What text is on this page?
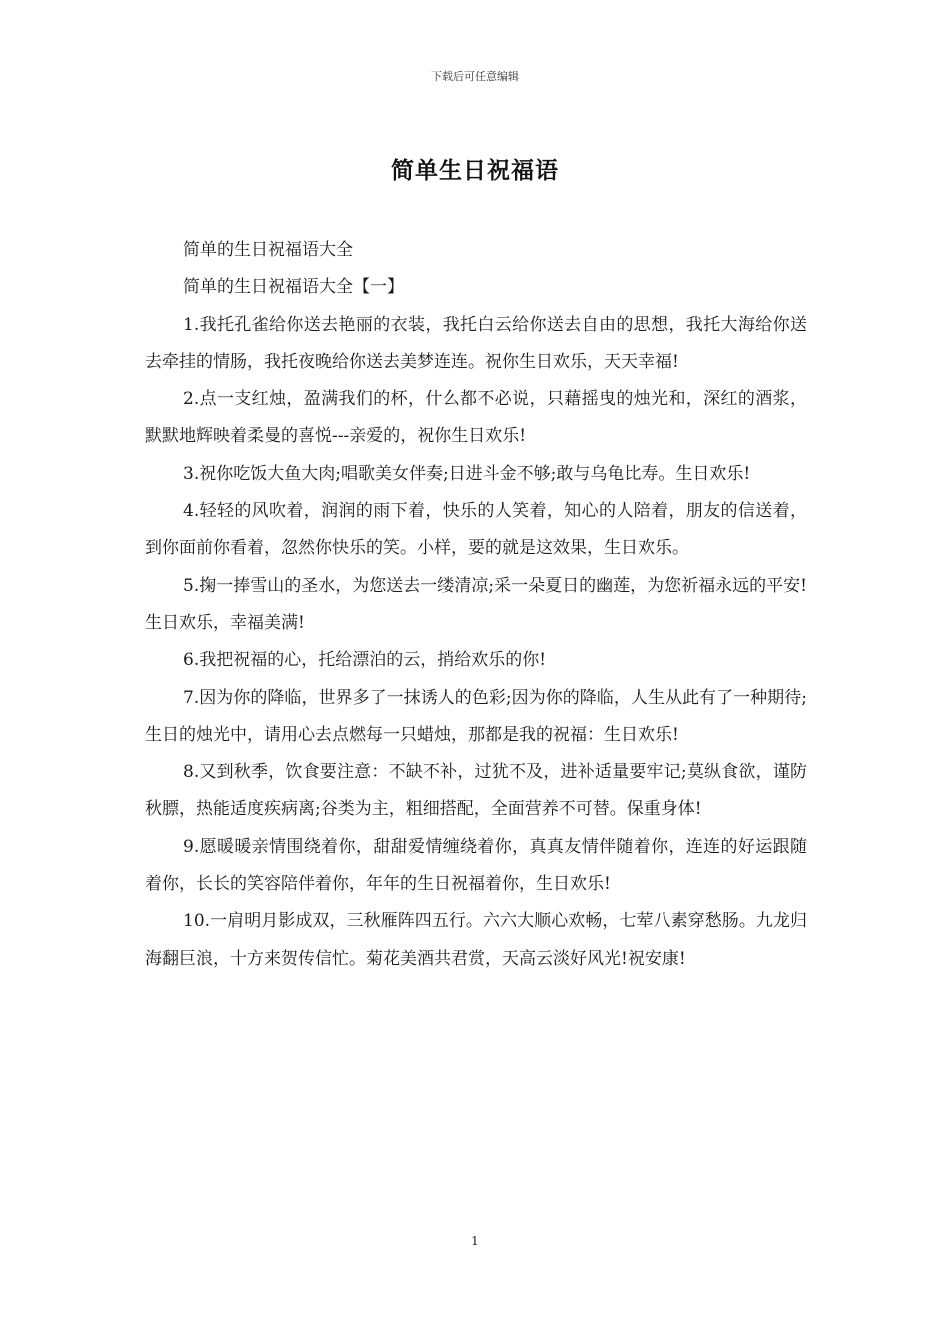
下载后可任意编辑
简单生日祝福语

简单的生日祝福语大全

简单的生日祝福语大全【一】

1.我托孔雀给你送去艳丽的衣装，我托白云给你送去自由的思想，我托大海给你送去牵挂的情肠，我托夜晚给你送去美梦连连。祝你生日欢乐，天天幸福!

2.点一支红烛，盈满我们的杯，什么都不必说，只藉摇曳的烛光和，深红的酒浆，默默地辉映着柔曼的喜悦---亲爱的，祝你生日欢乐!

3.祝你吃饭大鱼大肉;唱歌美女伴奏;日进斗金不够;敢与乌龟比寿。生日欢乐!

4.轻轻的风吹着，润润的雨下着，快乐的人笑着，知心的人陪着，朋友的信送着，到你面前你看着，忽然你快乐的笑。小样，要的就是这效果，生日欢乐。

5.掬一捧雪山的圣水，为您送去一缕清凉;采一朵夏日的幽莲，为您祈福永远的平安!生日欢乐，幸福美满!

6.我把祝福的心，托给漂泊的云，捎给欢乐的你!

7.因为你的降临，世界多了一抹诱人的色彩;因为你的降临，人生从此有了一种期待;生日的烛光中，请用心去点燃每一只蜡烛，那都是我的祝福：生日欢乐!

8.又到秋季，饮食要注意：不缺不补，过犹不及，进补适量要牢记;莫纵食欲，谨防秋膘，热能适度疾病离;谷类为主，粗细搭配，全面营养不可替。保重身体!

9.愿暖暖亲情围绕着你，甜甜爱情缠绕着你，真真友情伴随着你，连连的好运跟随着你，长长的笑容陪伴着你，年年的生日祝福着你，生日欢乐!

10.一肩明月影成双，三秋雁阵四五行。六六大顺心欢畅，七荤八素穿愁肠。九龙归海翻巨浪，十方来贺传信忙。菊花美酒共君赏，天高云淡好风光!祝安康!

1
